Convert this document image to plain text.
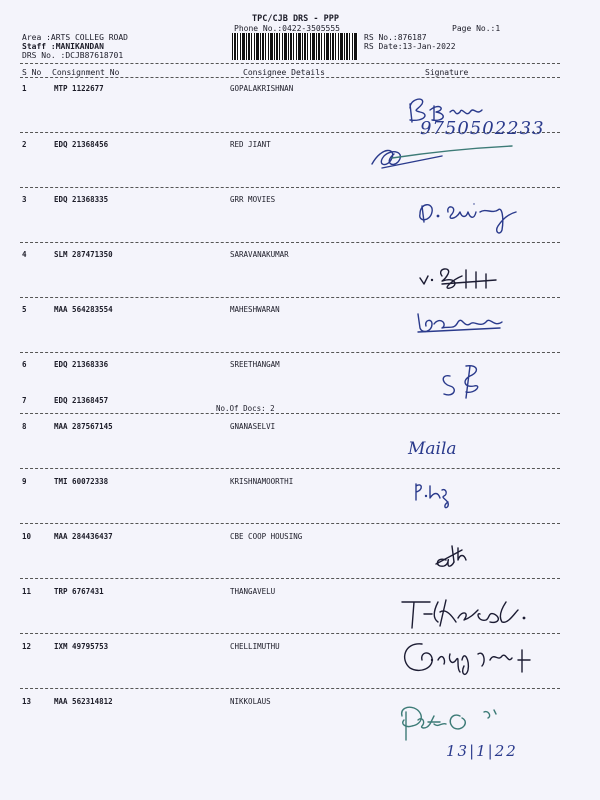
TPC/CJB DRS - PPP
Phone No.:0422-3505555	Page No.:1
Area :ARTS COLLEG ROAD
Staff :MANIKANDAN
DRS No. :DCJB87618701
RS No.:876187
RS Date:13-Jan-2022
S No Consignment No	Consignee Details	Signature
1	MTP 1122677	GOPALAKRISHNAN
2	EDQ 21368456	RED JIANT
3	EDQ 21368335	GRR MOVIES
4	SLM 287471350	SARAVANAKUMAR
5	MAA 564283554	MAHESHWARAN
6	EDQ 21368336	SREETHANGAM
7	EDQ 21368457
No.Of Docs: 2
8	MAA 287567145	GNANASELVI
9	TMI 60072338	KRISHNAMOORTHI
10	MAA 284436437	CBE COOP HOUSING
11	TRP 6767431	THANGAVELU
12	IXM 49795753	CHELLIMUTHU
13	MAA 562314812	NIKKOLAUS
9750502233
Maila
13|1|22
